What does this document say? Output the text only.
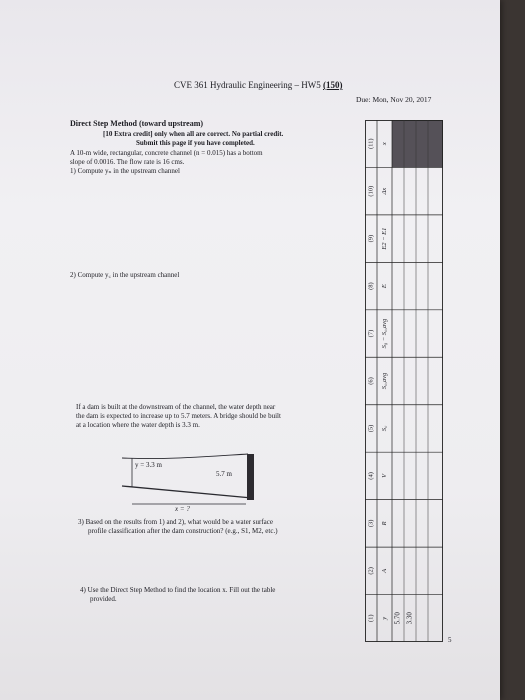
CVE 361 Hydraulic Engineering – HW5 (150)
Due: Mon, Nov 20, 2017
Direct Step Method (toward upstream)
[10 Extra credit] only when all are correct. No partial credit.
Submit this page if you have completed.
A 10-m wide, rectangular, concrete channel (n = 0.015) has a bottom
slope of 0.0016. The flow rate is 16 cms.
1) Compute yₙ in the upstream channel
2) Compute y꜀ in the upstream channel
If a dam is built at the downstream of the channel, the water depth near
the dam is expected to increase up to 5.7 meters. A bridge should be built
at a location where the water depth is 3.3 m.
y = 3.3 m
5.7 m
x = ?
3) Based on the results from 1) and 2), what would be a water surface
profile classification after the dam construction? (e.g., S1, M2, etc.)
4) Use the Direct Step Method to find the location x. Fill out the table
provided.
(1) y
(2) A
(3) R
(4) V
(5) S꜀
(6) S꜀,avg
(7) S₀ − S꜀,avg
(8) E
(9) E2 − E1
(10) Δx
(11) x
5.70 3.30
5
